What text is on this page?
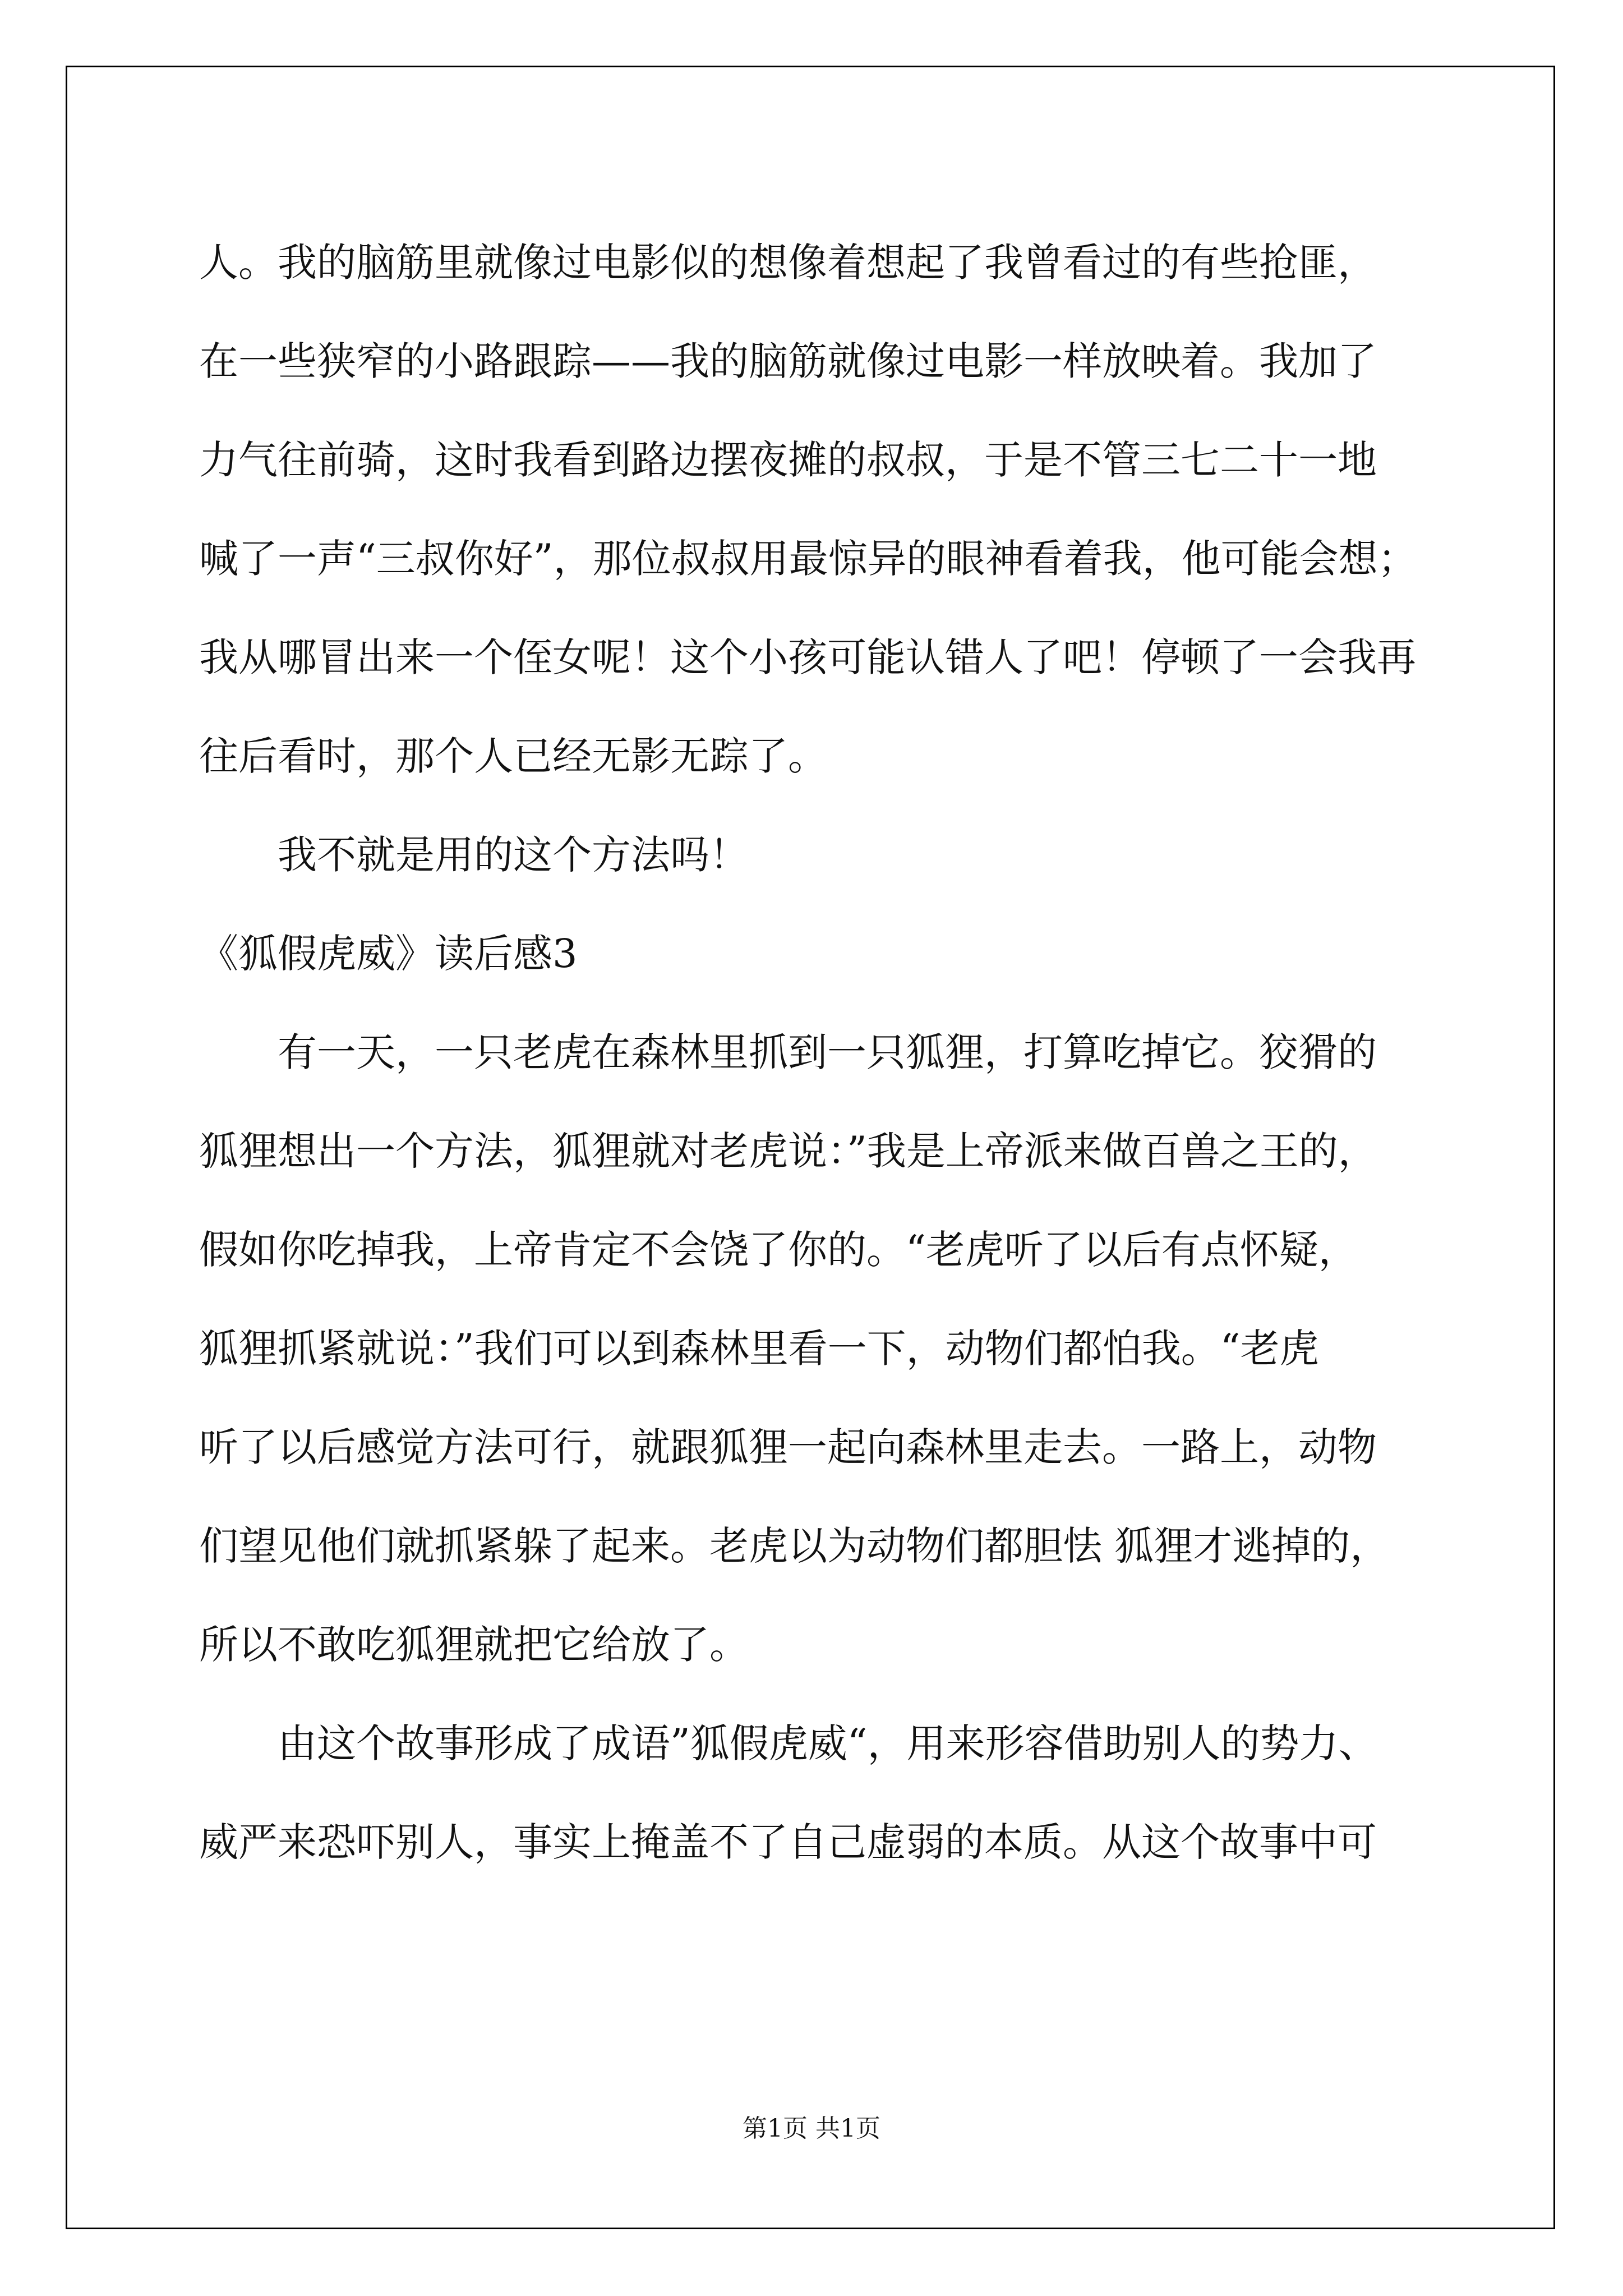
人。我的脑筋里就像过电影似的想像着想起了我曾看过的有些抢匪，
在一些狭窄的小路跟踪——我的脑筋就像过电影一样放映着。我加了
力气往前骑，这时我看到路边摆夜摊的叔叔，于是不管三七二十一地
喊了一声“三叔你好”，那位叔叔用最惊异的眼神看着我，他可能会想；
我从哪冒出来一个侄女呢！这个小孩可能认错人了吧！停顿了一会我再
往后看时，那个人已经无影无踪了。
我不就是用的这个方法吗！
《狐假虎威》读后感3
有一天，一只老虎在森林里抓到一只狐狸，打算吃掉它。狡猾的
狐狸想出一个方法，狐狸就对老虎说：”我是上帝派来做百兽之王的，
假如你吃掉我，上帝肯定不会饶了你的。“老虎听了以后有点怀疑，
狐狸抓紧就说：”我们可以到森林里看一下，动物们都怕我。“老虎
听了以后感觉方法可行，就跟狐狸一起向森林里走去。一路上，动物
们望见他们就抓紧躲了起来。老虎以为动物们都胆怯 狐狸才逃掉的，
所以不敢吃狐狸就把它给放了。
由这个故事形成了成语”狐假虎威“，用来形容借助别人的势力、
威严来恐吓别人，事实上掩盖不了自己虚弱的本质。从这个故事中可
第1页 共1页
